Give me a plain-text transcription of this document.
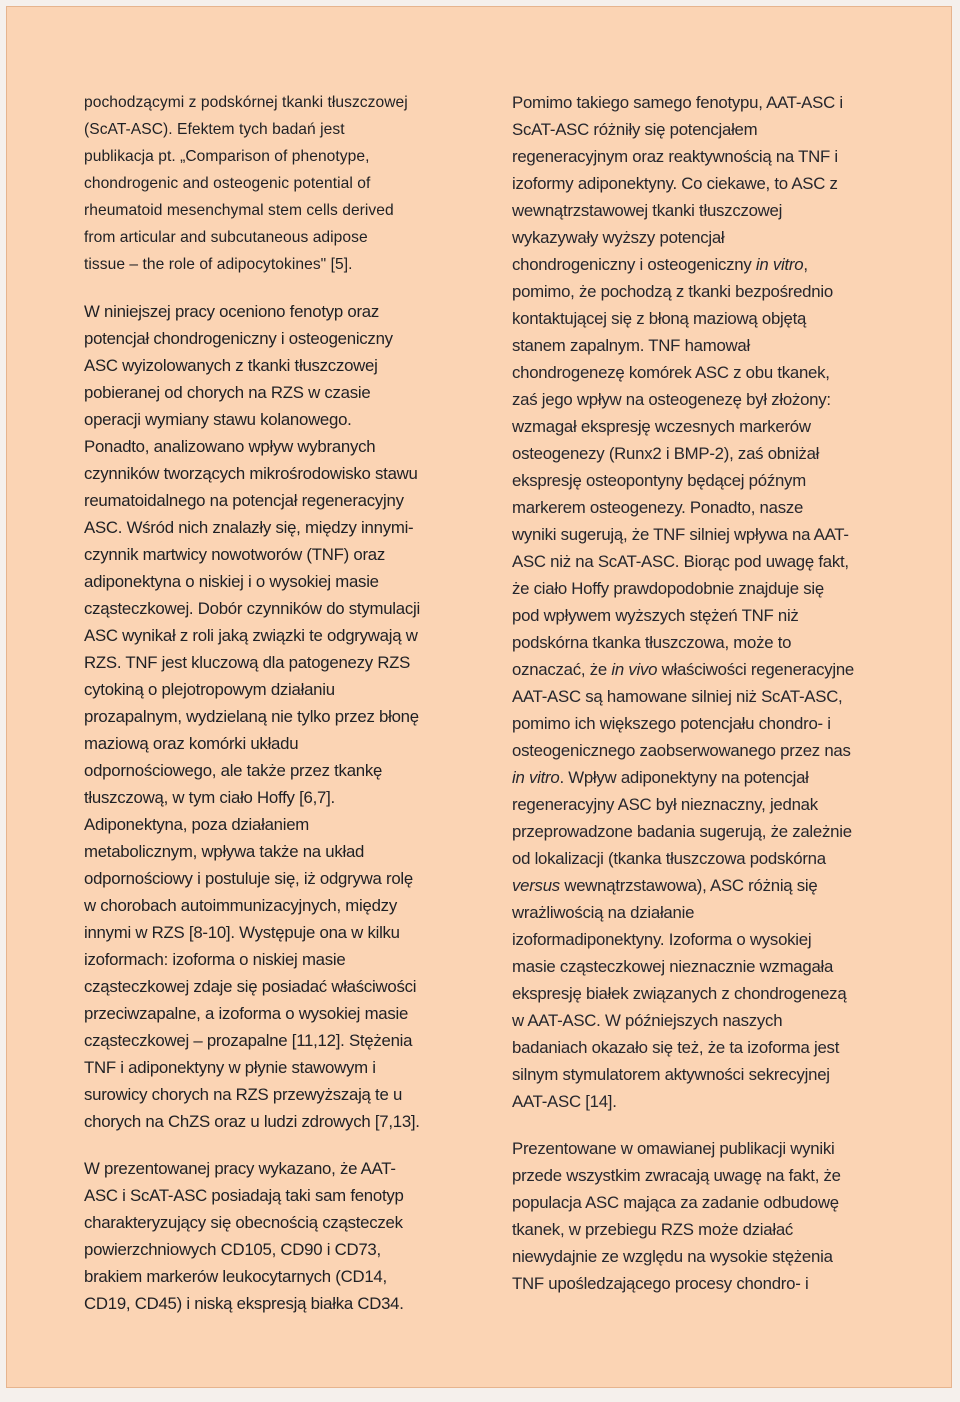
pochodzącymi z podskórnej tkanki tłuszczowej

(ScAT-ASC). Efektem tych badań jest

publikacja pt. „Comparison of phenotype,

chondrogenic and osteogenic potential of

rheumatoid mesenchymal stem cells derived

from articular and subcutaneous adipose

tissue – the role of adipocytokines" [5].

W niniejszej pracy oceniono fenotyp oraz

potencjał chondrogeniczny i osteogeniczny

ASC wyizolowanych z tkanki tłuszczowej

pobieranej od chorych na RZS w czasie

operacji wymiany stawu kolanowego.

Ponadto, analizowano wpływ wybranych

czynników tworzących mikrośrodowisko stawu

reumatoidalnego na potencjał regeneracyjny

ASC. Wśród nich znalazły się, między innymi-

czynnik martwicy nowotworów (TNF) oraz

adiponektyna o niskiej i o wysokiej masie

cząsteczkowej. Dobór czynników do stymulacji

ASC wynikał z roli jaką związki te odgrywają w

RZS. TNF jest kluczową dla patogenezy RZS

cytokiną o plejotropowym działaniu

prozapalnym, wydzielaną nie tylko przez błonę

maziową oraz komórki układu

odpornościowego, ale także przez tkankę

tłuszczową, w tym ciało Hoffy [6,7].

Adiponektyna, poza działaniem

metabolicznym, wpływa także na układ

odpornościowy i postuluje się, iż odgrywa rolę

w chorobach autoimmunizacyjnych, między

innymi w RZS [8-10]. Występuje ona w kilku

izoformach: izoforma o niskiej masie

cząsteczkowej zdaje się posiadać właściwości

przeciwzapalne, a izoforma o wysokiej masie

cząsteczkowej – prozapalne [11,12]. Stężenia

TNF i adiponektyny w płynie stawowym i

surowicy chorych na RZS przewyższają te u

chorych na ChZS oraz u ludzi zdrowych [7,13].

W prezentowanej pracy wykazano, że AAT-

ASC i ScAT-ASC posiadają taki sam fenotyp

charakteryzujący się obecnością cząsteczek

powierzchniowych CD105, CD90 i CD73,

brakiem markerów leukocytarnych (CD14,

CD19, CD45) i niską ekspresją białka CD34.

Pomimo takiego samego fenotypu, AAT-ASC i

ScAT-ASC różniły się potencjałem

regeneracyjnym oraz reaktywnością na TNF i

izoformy adiponektyny. Co ciekawe, to ASC z

wewnątrzstawowej tkanki tłuszczowej

wykazywały wyższy potencjał

chondrogeniczny i osteogeniczny in vitro,

pomimo, że pochodzą z tkanki bezpośrednio

kontaktującej się z błoną maziową objętą

stanem zapalnym. TNF hamował

chondrogenezę komórek ASC z obu tkanek,

zaś jego wpływ na osteogenezę był złożony:

wzmagał ekspresję wczesnych markerów

osteogenezy (Runx2 i BMP-2), zaś obniżał

ekspresję osteopontyny będącej późnym

markerem osteogenezy. Ponadto, nasze

wyniki sugerują, że TNF silniej wpływa na AAT-

ASC niż na ScAT-ASC. Biorąc pod uwagę fakt,

że ciało Hoffy prawdopodobnie znajduje się

pod wpływem wyższych stężeń TNF niż

podskórna tkanka tłuszczowa, może to

oznaczać, że in vivo właściwości regeneracyjne

AAT-ASC są hamowane silniej niż ScAT-ASC,

pomimo ich większego potencjału chondro- i

osteogenicznego zaobserwowanego przez nas

in vitro. Wpływ adiponektyny na potencjał

regeneracyjny ASC był nieznaczny, jednak

przeprowadzone badania sugerują, że zależnie

od lokalizacji (tkanka tłuszczowa podskórna

versus wewnątrzstawowa), ASC różnią się

wrażliwością na działanie

izoformadiponektyny. Izoforma o wysokiej

masie cząsteczkowej nieznacznie wzmagała

ekspresję białek związanych z chondrogenezą

w AAT-ASC. W późniejszych naszych

badaniach okazało się też, że ta izoforma jest

silnym stymulatorem aktywności sekrecyjnej

AAT-ASC [14].

Prezentowane w omawianej publikacji wyniki

przede wszystkim zwracają uwagę na fakt, że

populacja ASC mająca za zadanie odbudowę

tkanek, w przebiegu RZS może działać

niewydajnie ze względu na wysokie stężenia

TNF upośledzającego procesy chondro- i
